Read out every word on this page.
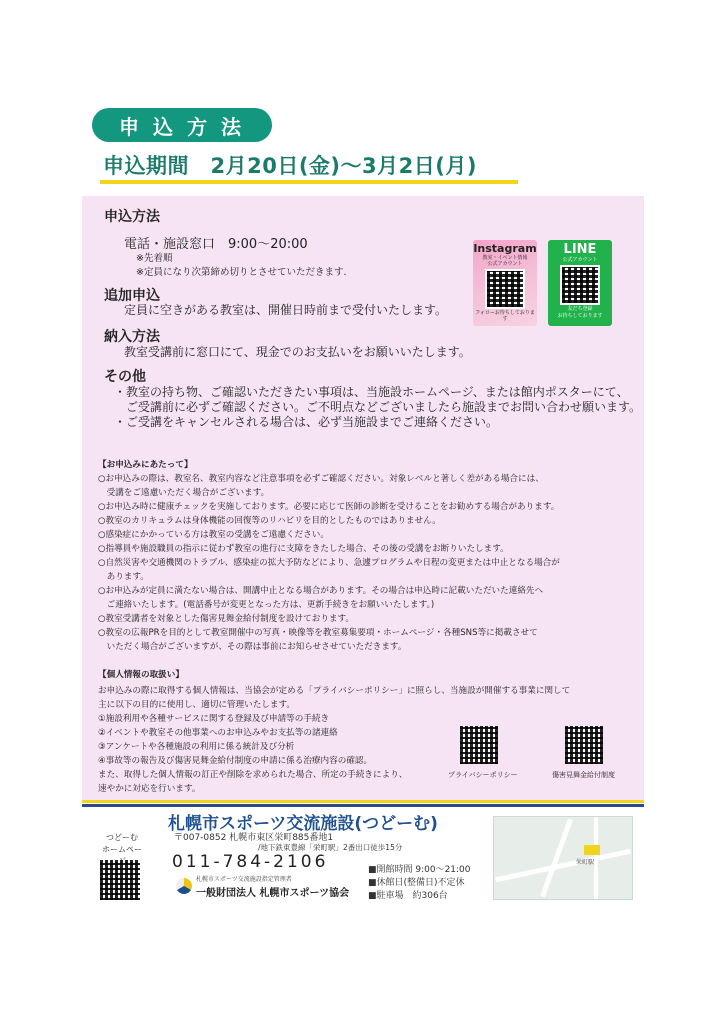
申込方法
申込期間　2月20日(金)～3月2日(月)
申込方法
電話・施設窓口　9:00～20:00
※先着順
※定員になり次第締め切りとさせていただきます.
追加申込
定員に空きがある教室は、開催日時前まで受付いたします。
納入方法
教室受講前に窓口にて、現金でのお支払いをお願いいたします。
その他
・教室の持ち物、ご確認いただきたい事項は、当施設ホームページ、または館内ポスターにて、
　ご受講前に必ずご確認ください。ご不明点などございましたら施設までお問い合わせ願います。
・ご受講をキャンセルされる場合は、必ず当施設までご連絡ください。
Instagram
教室・イベント情報
公式アカウント
フォローお待ちしております
LINE
公式アカウント
友だち登録
お待ちしております
【お申込みにあたって】
○お申込みの際は、教室名、教室内容など注意事項を必ずご確認ください。対象レベルと著しく差がある場合には、
　受講をご遠慮いただく場合がございます。
○お申込み時に健康チェックを実施しております。必要に応じて医師の診断を受けることをお勧めする場合があります。
○教室のカリキュラムは身体機能の回復等のリハビリを目的としたものではありません。
○感染症にかかっている方は教室の受講をご遠慮ください。
○指導員や施設職員の指示に従わず教室の進行に支障をきたした場合、その後の受講をお断りいたします。
○自然災害や交通機関のトラブル、感染症の拡大予防などにより、急遽プログラムや日程の変更または中止となる場合が
　あります。
○お申込みが定員に満たない場合は、開講中止となる場合があります。その場合は申込時に記載いただいた連絡先へ
　ご連絡いたします。(電話番号が変更となった方は、更新手続きをお願いいたします。)
○教室受講者を対象とした傷害見舞金給付制度を設けております。
○教室の広報PRを目的として教室開催中の写真・映像等を教室募集要項・ホームページ・各種SNS等に掲載させて
　いただく場合がございますが、その際は事前にお知らせさせていただきます。
【個人情報の取扱い】
お申込みの際に取得する個人情報は、当協会が定める「プライバシーポリシー」に照らし、当施設が開催する事業に関して
主に以下の目的に使用し、適切に管理いたします。
①施設利用や各種サービスに関する登録及び申請等の手続き
②イベントや教室その他事業へのお申込みやお支払等の諸連絡
③アンケートや各種施設の利用に係る統計及び分析
④事故等の報告及び傷害見舞金給付制度の申請に係る治療内容の確認。
また、取得した個人情報の訂正や削除を求められた場合、所定の手続きにより、
速やかに対応を行います。
プライバシーポリシー	傷害見舞金給付制度
札幌市スポーツ交流施設(つどーむ)
つどーむ
ホームペー
〒007-0852 札幌市東区栄町885番地1
/地下鉄東豊線「栄町駅」2番出口徒歩15分
011-784-2106
札幌市スポーツ交流施設指定管理者
一般財団法人 札幌市スポーツ協会
■開館時間 9:00～21:00
■休館日(整備日)不定休
■駐車場　約306台
栄町駅
